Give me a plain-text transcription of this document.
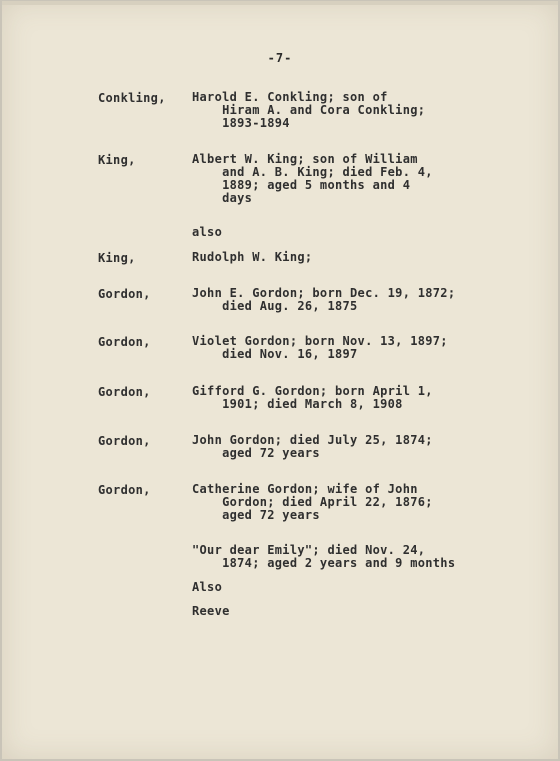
-7-
Conkling, Harold E. Conkling; son of
Hiram A. and Cora Conkling;
1893-1894
King,	Albert W. King; son of William
and A. B. King; died Feb. 4,
1889; aged 5 months and 4
days
also
King,	Rudolph W. King;
Gordon,	John E. Gordon; born Dec. 19, 1872;
died Aug. 26, 1875
Gordon,	Violet Gordon; born Nov. 13, 1897;
died Nov. 16, 1897
Gordon,	Gifford G. Gordon; born April 1,
1901; died March 8, 1908
Gordon,	John Gordon; died July 25, 1874;
aged 72 years
Gordon,	Catherine Gordon; wife of John
Gordon; died April 22, 1876;
aged 72 years
"Our dear Emily"; died Nov. 24,
1874; aged 2 years and 9 months
Also
Reeve
